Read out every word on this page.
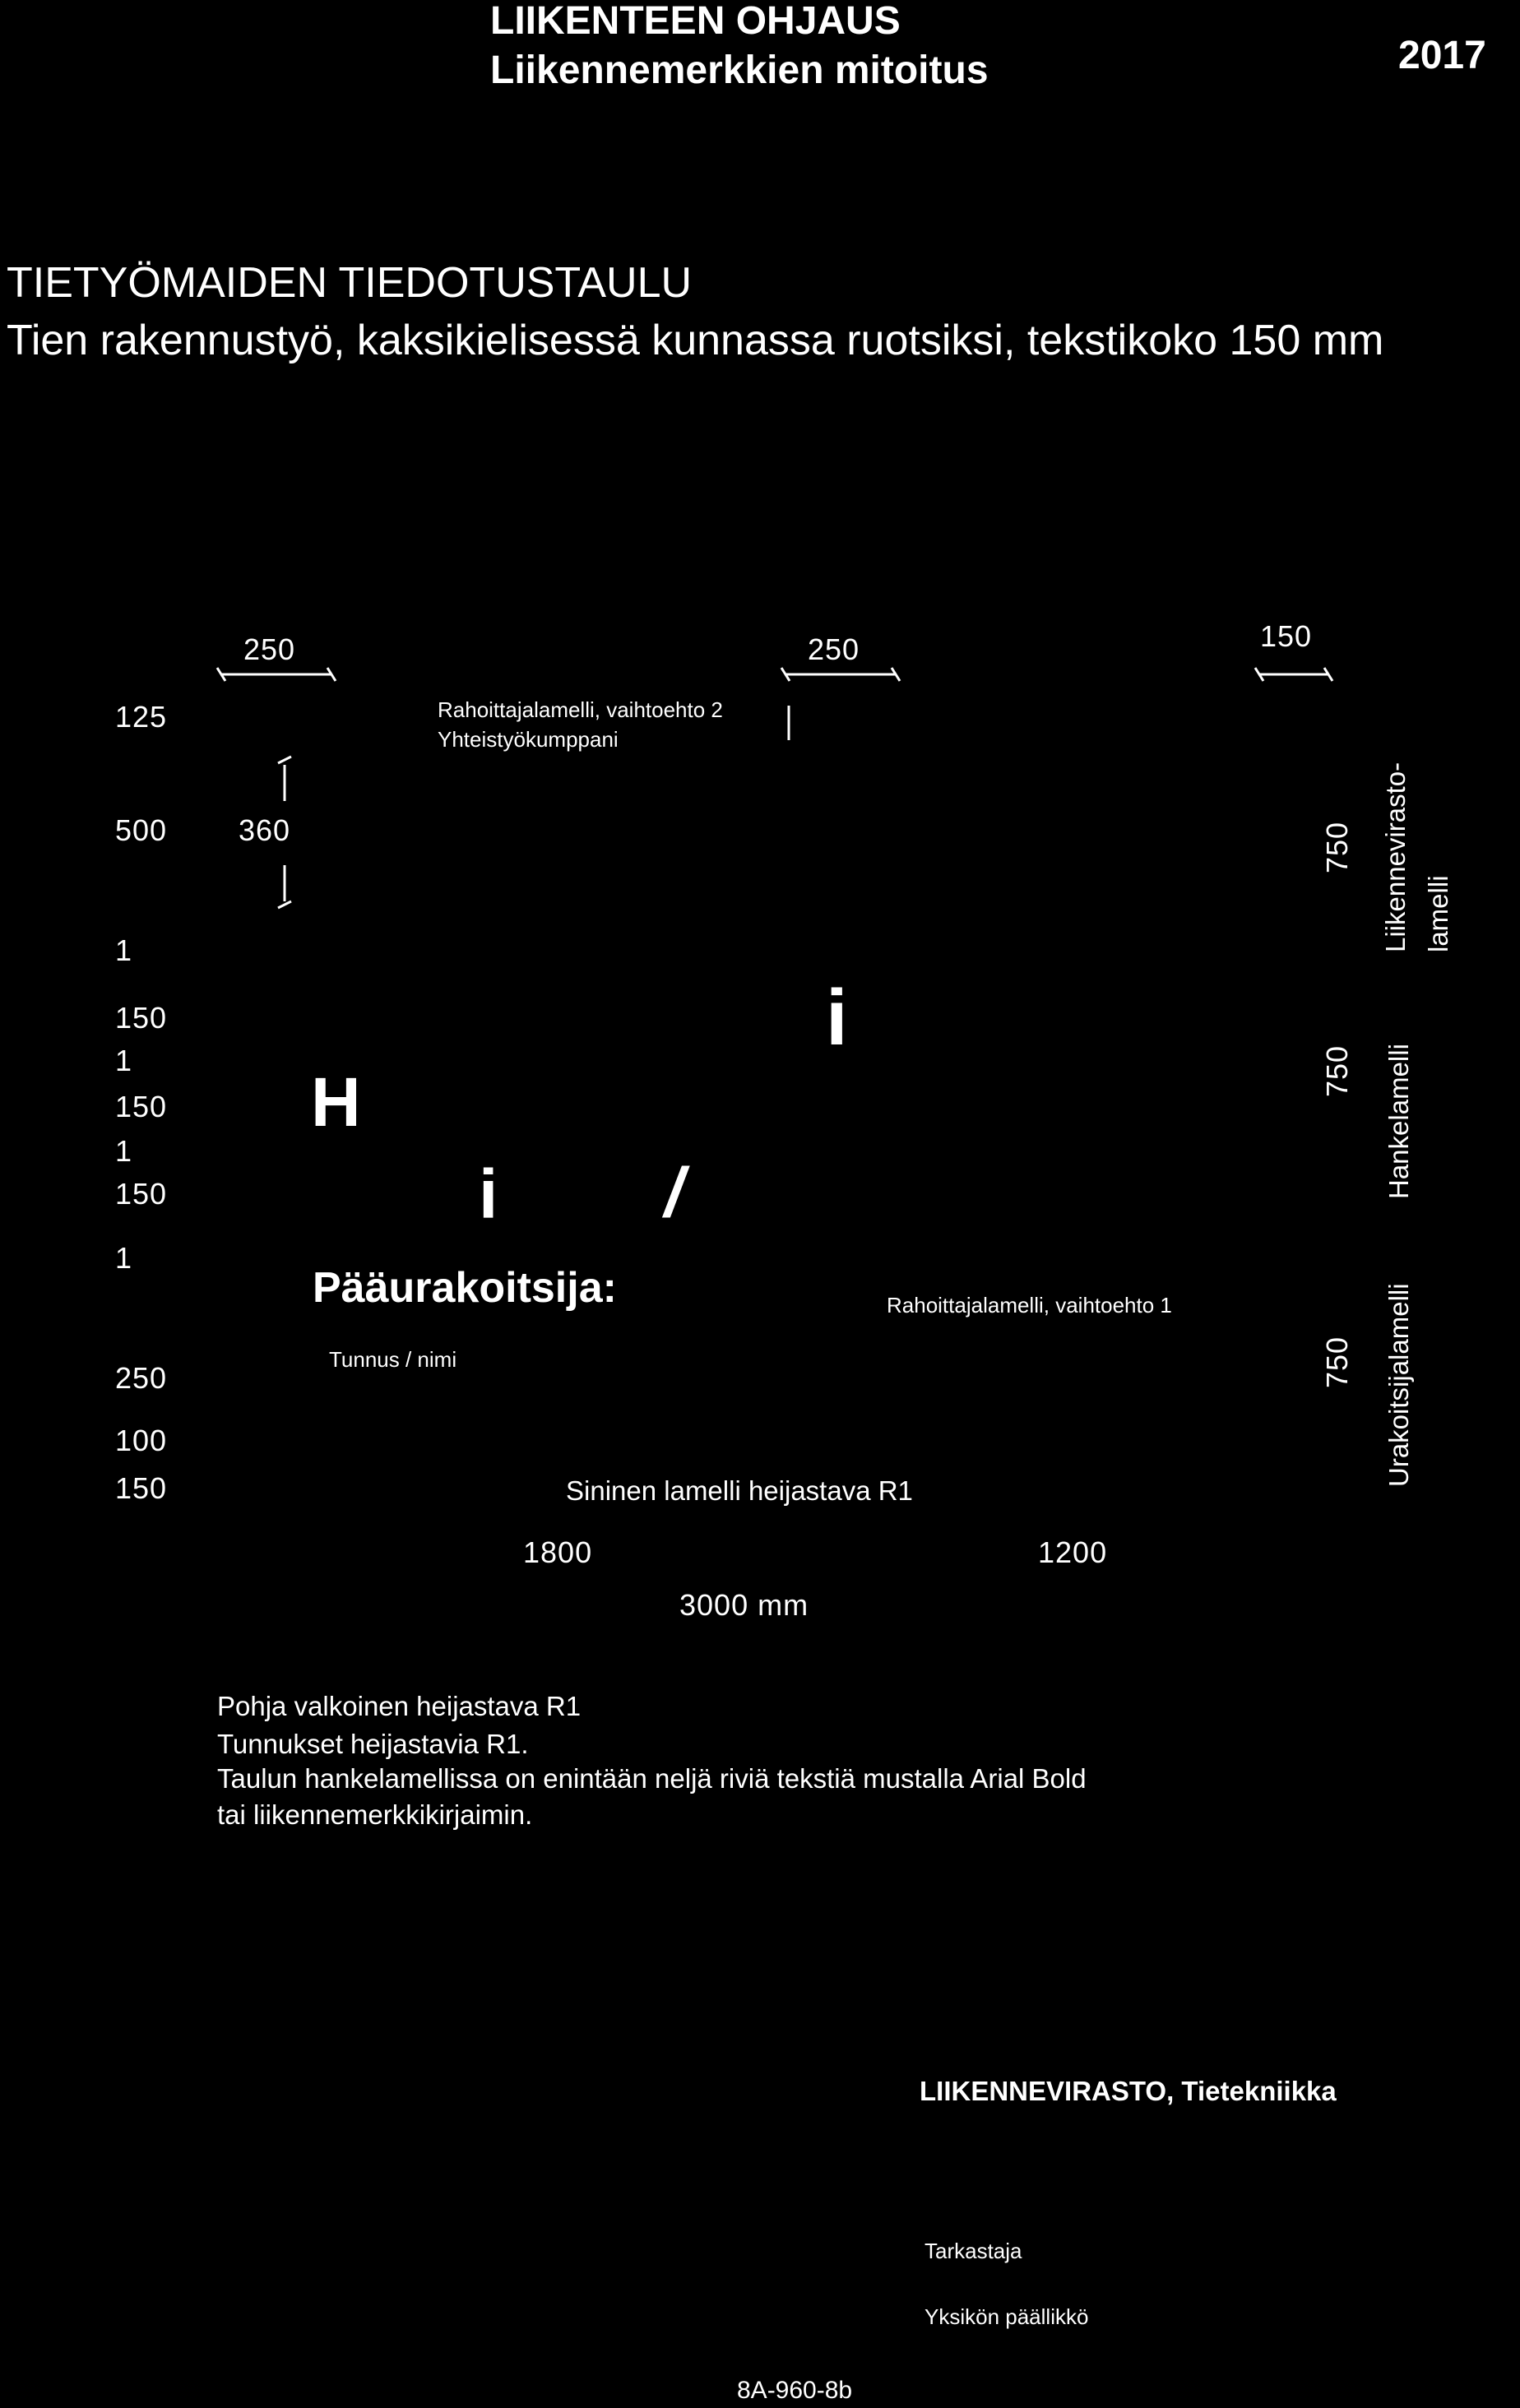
LIIKENTEEN OHJAUS
Liikennemerkkien mitoitus	2017
TIETYÖMAIDEN TIEDOTUSTAULU
Tien rakennustyö, kaksikielisessä kunnassa ruotsiksi, tekstikoko 150 mm
250	250	150
360
125
500
1
150
1
150
1
150
1
250
100
150
Rahoittajalamelli, vaihtoehto 2
Yhteistyökumppani
i
H
i /
Pääurakoitsija:	Rahoittajalamelli, vaihtoehto 1
Tunnus / nimi
Sininen lamelli heijastava R1
750 Liikennevirasto- lamelli
750 Hankelamelli
750 Urakoitsijalamelli
1800	1200
3000 mm
Pohja valkoinen heijastava R1
Tunnukset heijastavia R1.
Taulun hankelamellissa on enintään neljä riviä tekstiä mustalla Arial Bold
tai liikennemerkkikirjaimin.
LIIKENNEVIRASTO, Tietekniikka
Tarkastaja
Yksikön päällikkö
8A-960-8b
